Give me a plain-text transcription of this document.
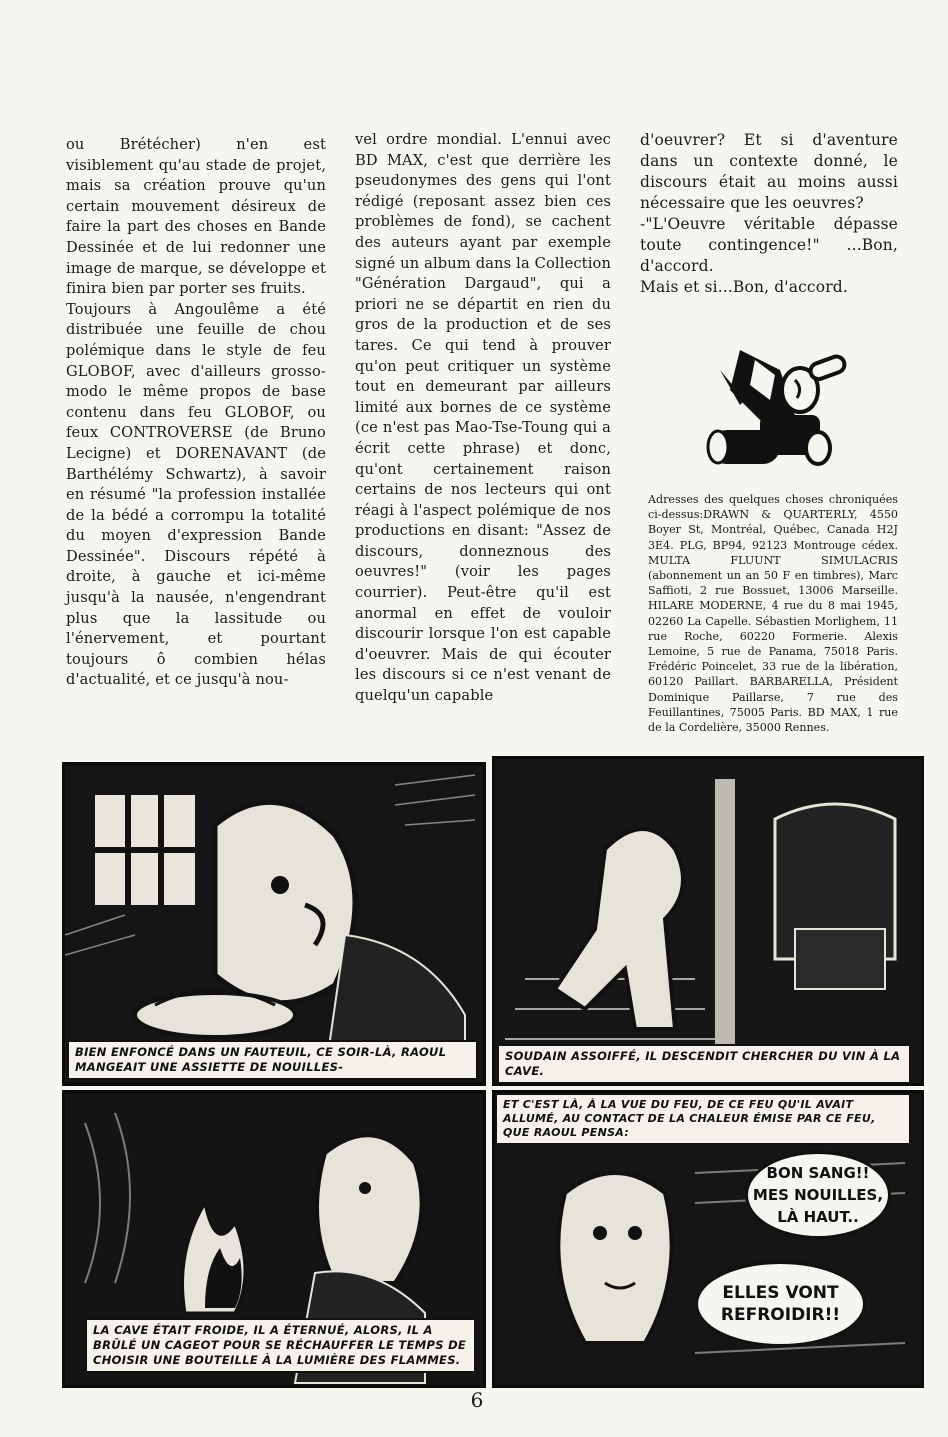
ou Brétécher) n'en est visiblement qu'au stade de projet, mais sa création prouve qu'un certain mouvement désireux de faire la part des choses en Bande Dessinée et de lui redonner une image de marque, se développe et finira bien par porter ses fruits.

Toujours à Angoulême a été distribuée une feuille de chou polémique dans le style de feu GLOBOF, avec d'ailleurs grosso-modo le même propos de base contenu dans feu GLOBOF, ou feux CONTROVERSE (de Bruno Lecigne) et DORENAVANT (de Barthélémy Schwartz), à savoir en résumé "la profession installée de la bédé a corrompu la totalité du moyen d'expression Bande Dessinée". Discours répété à droite, à gauche et ici-même jusqu'à la nausée, n'engendrant plus que la lassitude ou l'énervement, et pourtant toujours ô combien hélas d'actualité, et ce jusqu'à nou-

vel ordre mondial. L'ennui avec BD MAX, c'est que derrière les pseudonymes des gens qui l'ont rédigé (reposant assez bien ces problèmes de fond), se cachent des auteurs ayant par exemple signé un album dans la Collection "Génération Dargaud", qui a priori ne se départit en rien du gros de la production et de ses tares. Ce qui tend à prouver qu'on peut critiquer un système tout en demeurant par ailleurs limité aux bornes de ce système (ce n'est pas Mao-Tse-Toung qui a écrit cette phrase) et donc, qu'ont certainement raison certains de nos lecteurs qui ont réagi à l'aspect polémique de nos productions en disant: "Assez de discours, donneznous des oeuvres!" (voir les pages courrier). Peut-être qu'il est anormal en effet de vouloir discourir lorsque l'on est capable d'oeuvrer. Mais de qui écouter les discours si ce n'est venant de quelqu'un capable

d'oeuvrer? Et si d'aventure dans un contexte donné, le discours était au moins aussi nécessaire que les oeuvres?

-"L'Oeuvre véritable dépasse toute contingence!" ...Bon, d'accord.

Mais et si...Bon, d'accord.

Adresses des quelques choses chroniquées ci-dessus:DRAWN & QUARTERLY, 4550 Boyer St, Montréal, Québec, Canada H2J 3E4. PLG, BP94, 92123 Montrouge cédex. MULTA FLUUNT SIMULACRIS (abonnement un an 50 F en timbres), Marc Saffioti, 2 rue Bossuet, 13006 Marseille. HILARE MODERNE, 4 rue du 8 mai 1945, 02260 La Capelle. Sébastien Morlighem, 11 rue Roche, 60220 Formerie. Alexis Lemoine, 5 rue de Panama, 75018 Paris. Frédéric Poincelet, 33 rue de la libération, 60120 Paillart. BARBARELLA, Président Dominique Paillarse, 7 rue des Feuillantines, 75005 Paris. BD MAX, 1 rue de la Cordelière, 35000 Rennes.
BIEN ENFONCÉ DANS UN FAUTEUIL, CE SOIR-LÀ, RAOUL MANGEAIT UNE ASSIETTE DE NOUILLES-
SOUDAIN ASSOIFFÉ, IL DESCENDIT CHERCHER DU VIN À LA CAVE.
LA CAVE ÉTAIT FROIDE, IL A ÉTERNUÉ, ALORS, IL A BRÛLÉ UN CAGEOT POUR SE RÉCHAUFFER LE TEMPS DE CHOISIR UNE BOUTEILLE À LA LUMIÈRE DES FLAMMES.
ET C'EST LÀ, À LA VUE DU FEU, DE CE FEU QU'IL AVAIT ALLUMÉ, AU CONTACT DE LA CHALEUR ÉMISE PAR CE FEU, QUE RAOUL PENSA:
BON SANG!! MES NOUILLES, LÀ HAUT..
ELLES VONT REFROIDIR!!
6
